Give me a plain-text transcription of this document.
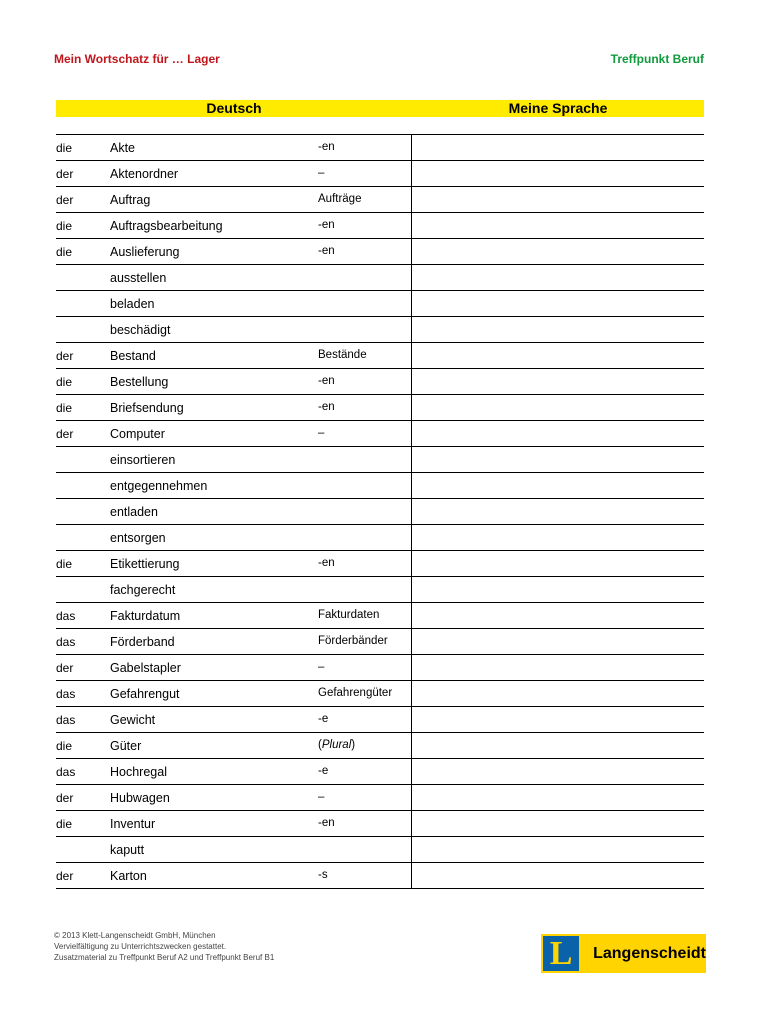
Mein Wortschatz für … Lager	Treffpunkt Beruf
Deutsch	Meine Sprache
die	Akte	-en
der	Aktenordner	–
der	Auftrag	Aufträge
die	Auftragsbearbeitung	-en
die	Auslieferung	-en
ausstellen
beladen
beschädigt
der	Bestand	Bestände
die	Bestellung	-en
die	Briefsendung	-en
der	Computer	–
einsortieren
entgegennehmen
entladen
entsorgen
die	Etikettierung	-en
fachgerecht
das	Fakturdatum	Fakturdaten
das	Förderband	Förderbänder
der	Gabelstapler	–
das	Gefahrengut	Gefahrengüter
das	Gewicht	-e
die	Güter	(Plural)
das	Hochregal	-e
der	Hubwagen	–
die	Inventur	-en
kaputt
der	Karton	-s
© 2013 Klett-Langenscheidt GmbH, München
Vervielfältigung zu Unterrichtszwecken gestattet.
Zusatzmaterial zu Treffpunkt Beruf A2 und Treffpunkt Beruf B1	L Langenscheidt
